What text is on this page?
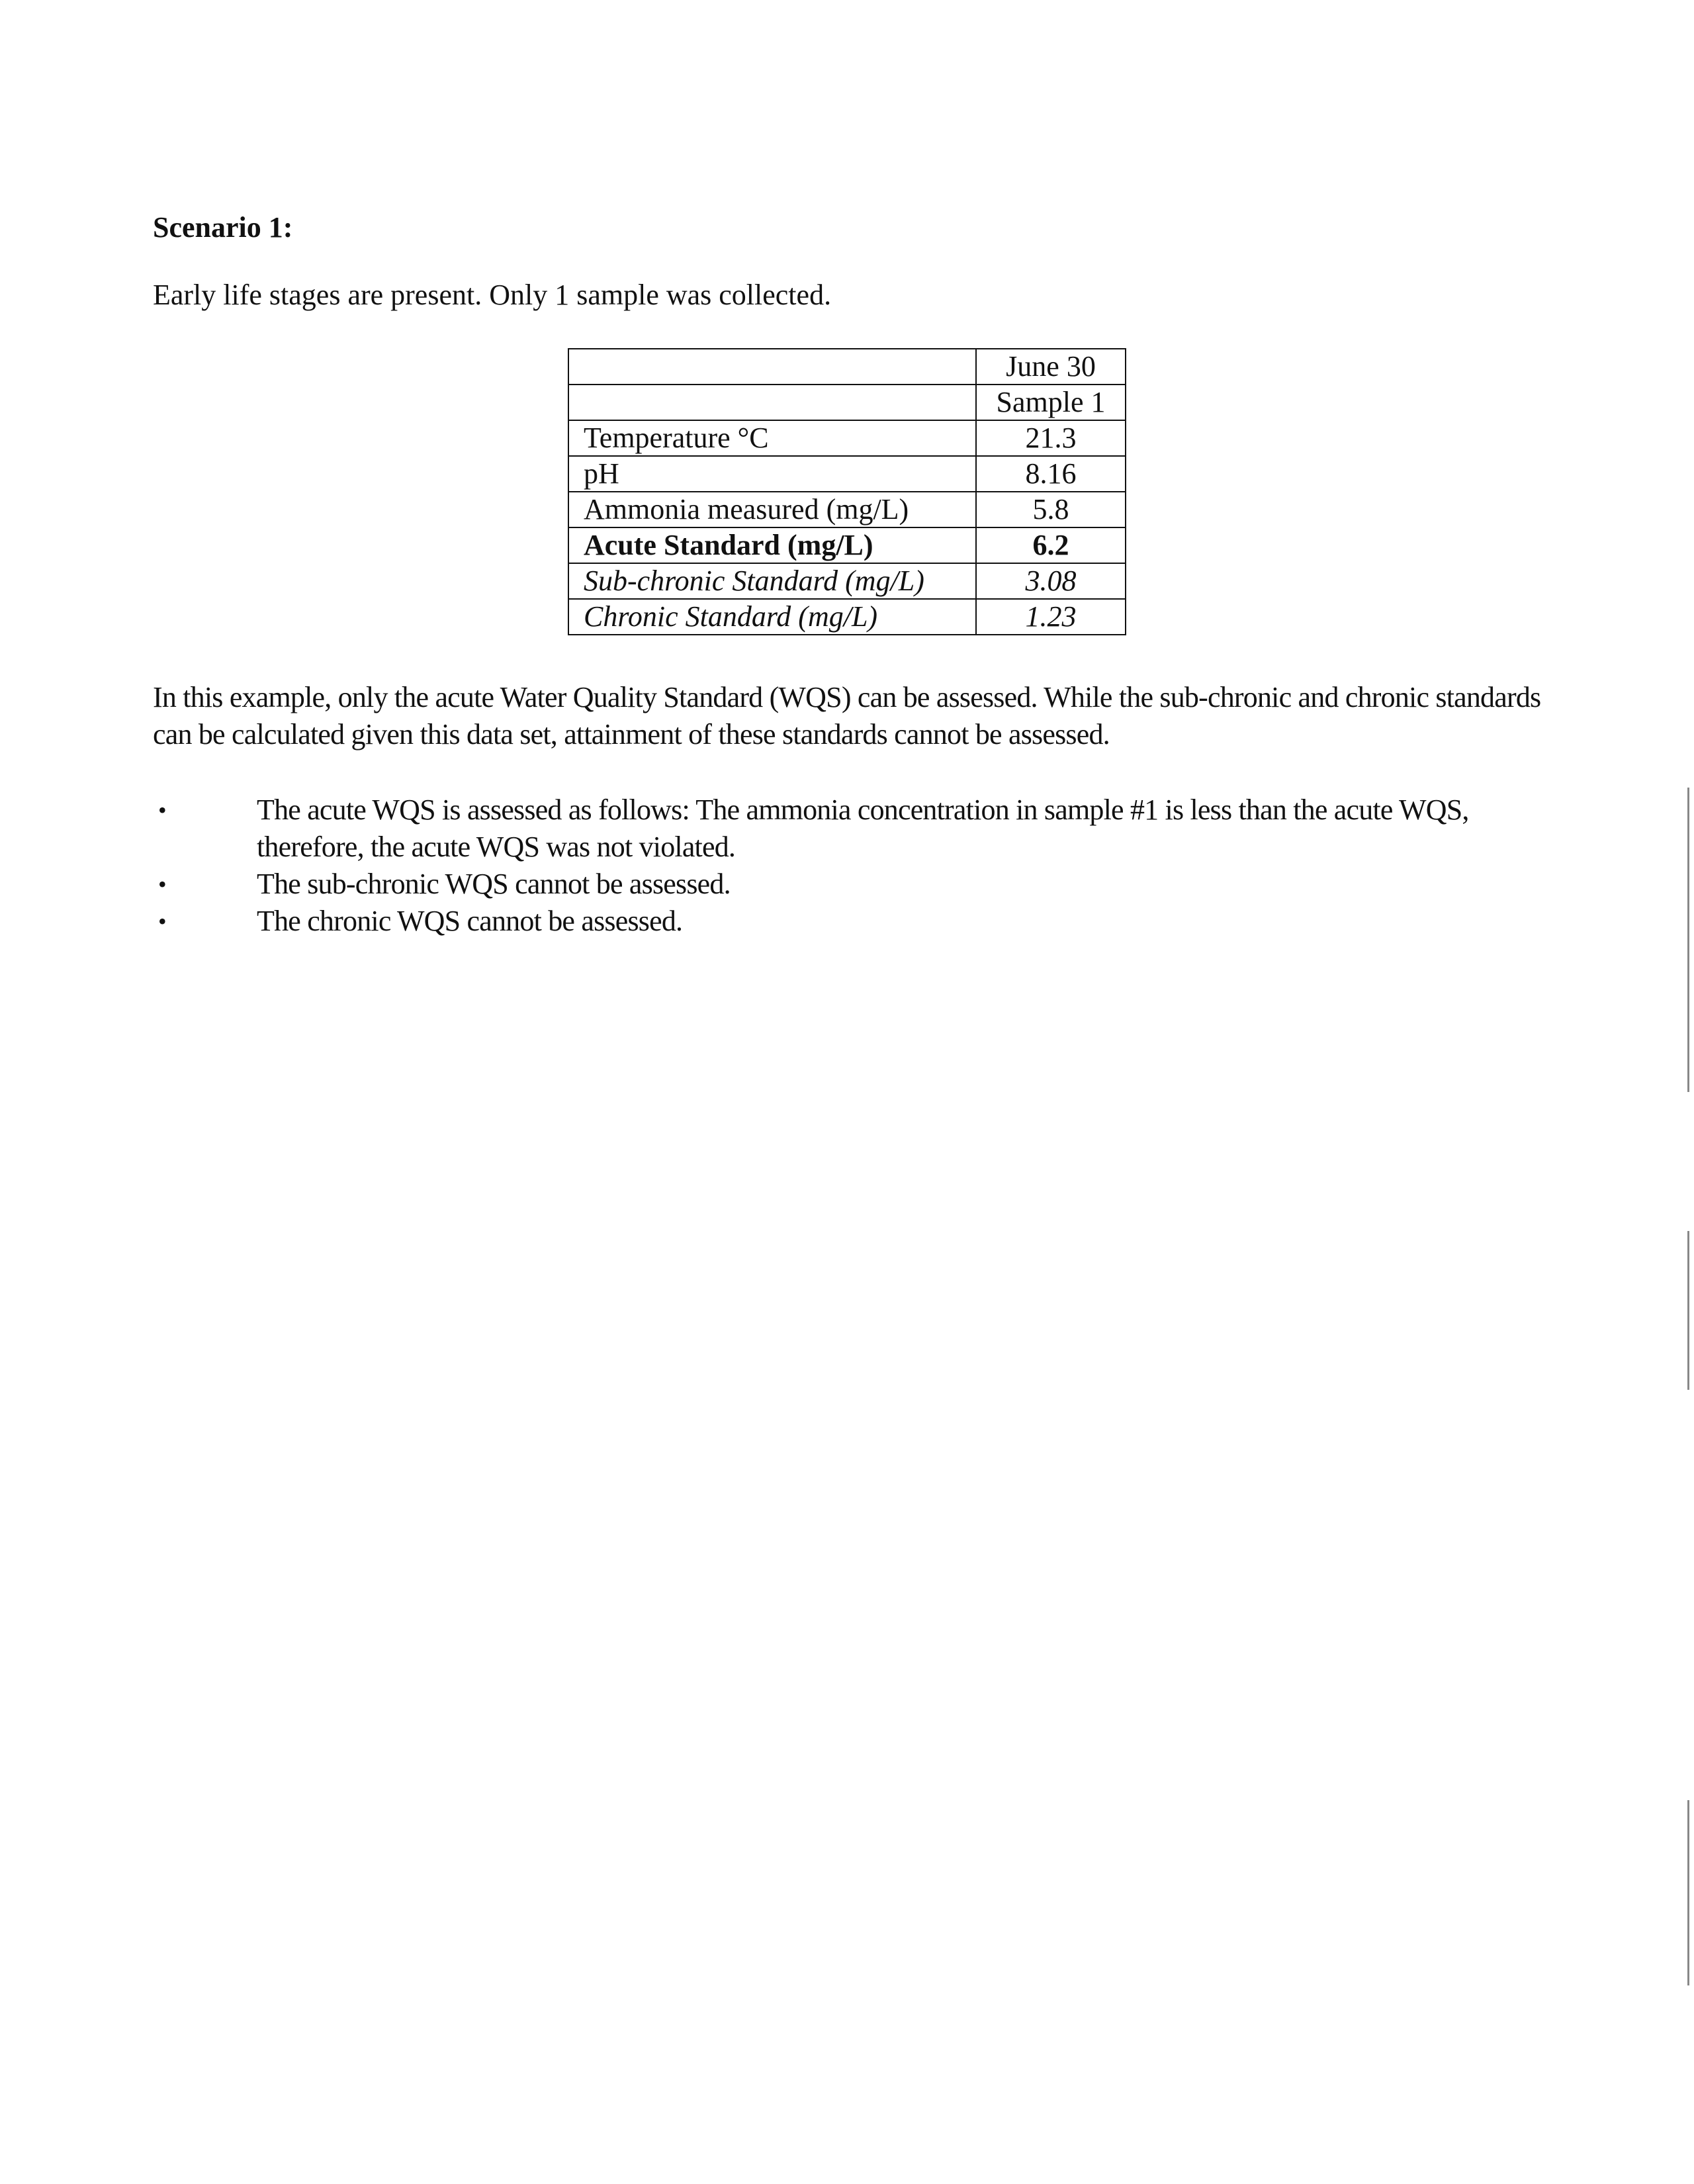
Scenario 1:

Early life stages are present. Only 1 sample was collected.

	June 30
	Sample 1
Temperature °C	21.3
pH	8.16
Ammonia measured (mg/L)	5.8
Acute Standard (mg/L)	6.2
Sub-chronic Standard (mg/L)	3.08
Chronic Standard (mg/L)	1.23

In this example, only the acute Water Quality Standard (WQS) can be assessed. While the sub-chronic and chronic standards can be calculated given this data set, attainment of these standards cannot be assessed.

•	The acute WQS is assessed as follows: The ammonia concentration in sample #1 is less than the acute WQS, therefore, the acute WQS was not violated.
•	The sub-chronic WQS cannot be assessed.
•	The chronic WQS cannot be assessed.
